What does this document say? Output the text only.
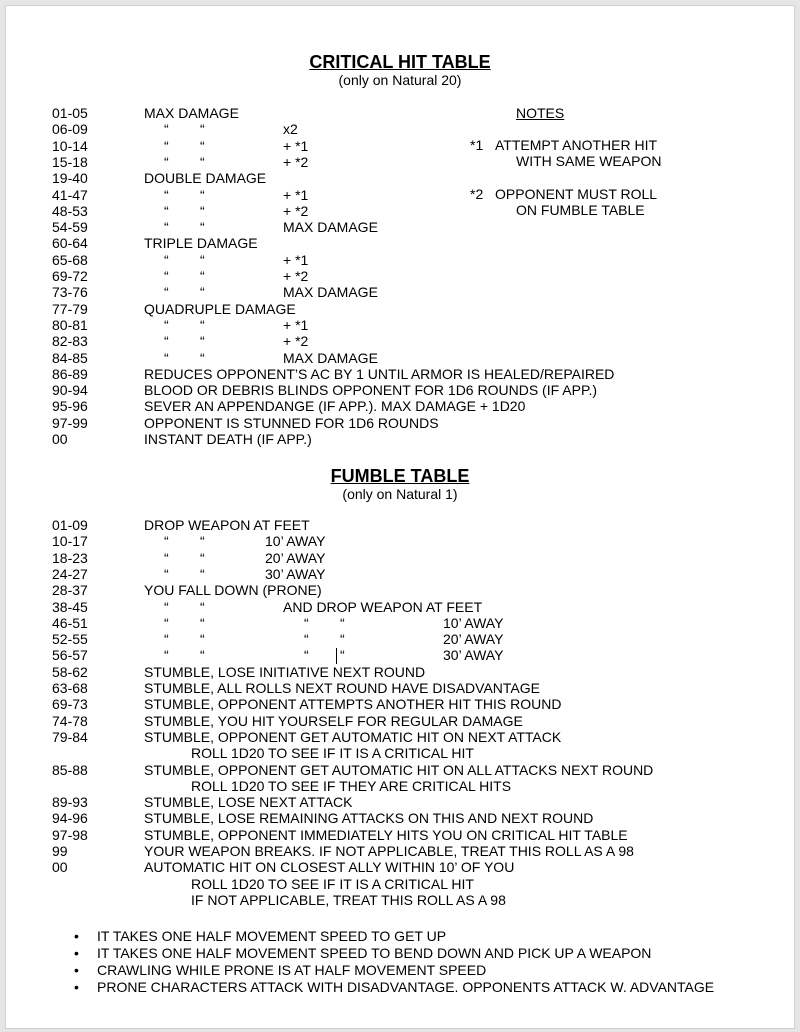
CRITICAL HIT TABLE
(only on Natural 20)
NOTES
*1 ATTEMPT ANOTHER HIT
WITH SAME WEAPON
*2 OPPONENT MUST ROLL
ON FUMBLE TABLE
01-05	MAX DAMAGE
06-09	“ “	x2
10-14	“ “	+ *1
15-18	“ “	+ *2
19-40	DOUBLE DAMAGE
41-47	“ “	+ *1
48-53	“ “	+ *2
54-59	“ “	MAX DAMAGE
60-64	TRIPLE DAMAGE
65-68	“ “	+ *1
69-72	“ “	+ *2
73-76	“ “	MAX DAMAGE
77-79	QUADRUPLE DAMAGE
80-81	“ “	+ *1
82-83	“ “	+ *2
84-85	“ “	MAX DAMAGE
86-89	REDUCES OPPONENT’S AC BY 1 UNTIL ARMOR IS HEALED/REPAIRED
90-94	BLOOD OR DEBRIS BLINDS OPPONENT FOR 1D6 ROUNDS (IF APP.)
95-96	SEVER AN APPENDANGE (IF APP.). MAX DAMAGE + 1D20
97-99	OPPONENT IS STUNNED FOR 1D6 ROUNDS
00	INSTANT DEATH (IF APP.)
FUMBLE TABLE
(only on Natural 1)
01-09	DROP WEAPON AT FEET
10-17	“ “	10’ AWAY
18-23	“ “	20’ AWAY
24-27	“ “	30’ AWAY
28-37	YOU FALL DOWN (PRONE)
38-45	“ “	AND DROP WEAPON AT FEET
46-51	“ “	“ “	10’ AWAY
52-55	“ “	“ “	20’ AWAY
56-57	“ “	“ “	30’ AWAY
58-62	STUMBLE, LOSE INITIATIVE NEXT ROUND
63-68	STUMBLE, ALL ROLLS NEXT ROUND HAVE DISADVANTAGE
69-73	STUMBLE, OPPONENT ATTEMPTS ANOTHER HIT THIS ROUND
74-78	STUMBLE, YOU HIT YOURSELF FOR REGULAR DAMAGE
79-84	STUMBLE, OPPONENT GET AUTOMATIC HIT ON NEXT ATTACK
ROLL 1D20 TO SEE IF IT IS A CRITICAL HIT
85-88	STUMBLE, OPPONENT GET AUTOMATIC HIT ON ALL ATTACKS NEXT ROUND
ROLL 1D20 TO SEE IF THEY ARE CRITICAL HITS
89-93	STUMBLE, LOSE NEXT ATTACK
94-96	STUMBLE, LOSE REMAINING ATTACKS ON THIS AND NEXT ROUND
97-98	STUMBLE, OPPONENT IMMEDIATELY HITS YOU ON CRITICAL HIT TABLE
99	YOUR WEAPON BREAKS. IF NOT APPLICABLE, TREAT THIS ROLL AS A 98
00	AUTOMATIC HIT ON CLOSEST ALLY WITHIN 10’ OF YOU
ROLL 1D20 TO SEE IF IT IS A CRITICAL HIT
IF NOT APPLICABLE, TREAT THIS ROLL AS A 98
• IT TAKES ONE HALF MOVEMENT SPEED TO GET UP
• IT TAKES ONE HALF MOVEMENT SPEED TO BEND DOWN AND PICK UP A WEAPON
• CRAWLING WHILE PRONE IS AT HALF MOVEMENT SPEED
• PRONE CHARACTERS ATTACK WITH DISADVANTAGE. OPPONENTS ATTACK W. ADVANTAGE
